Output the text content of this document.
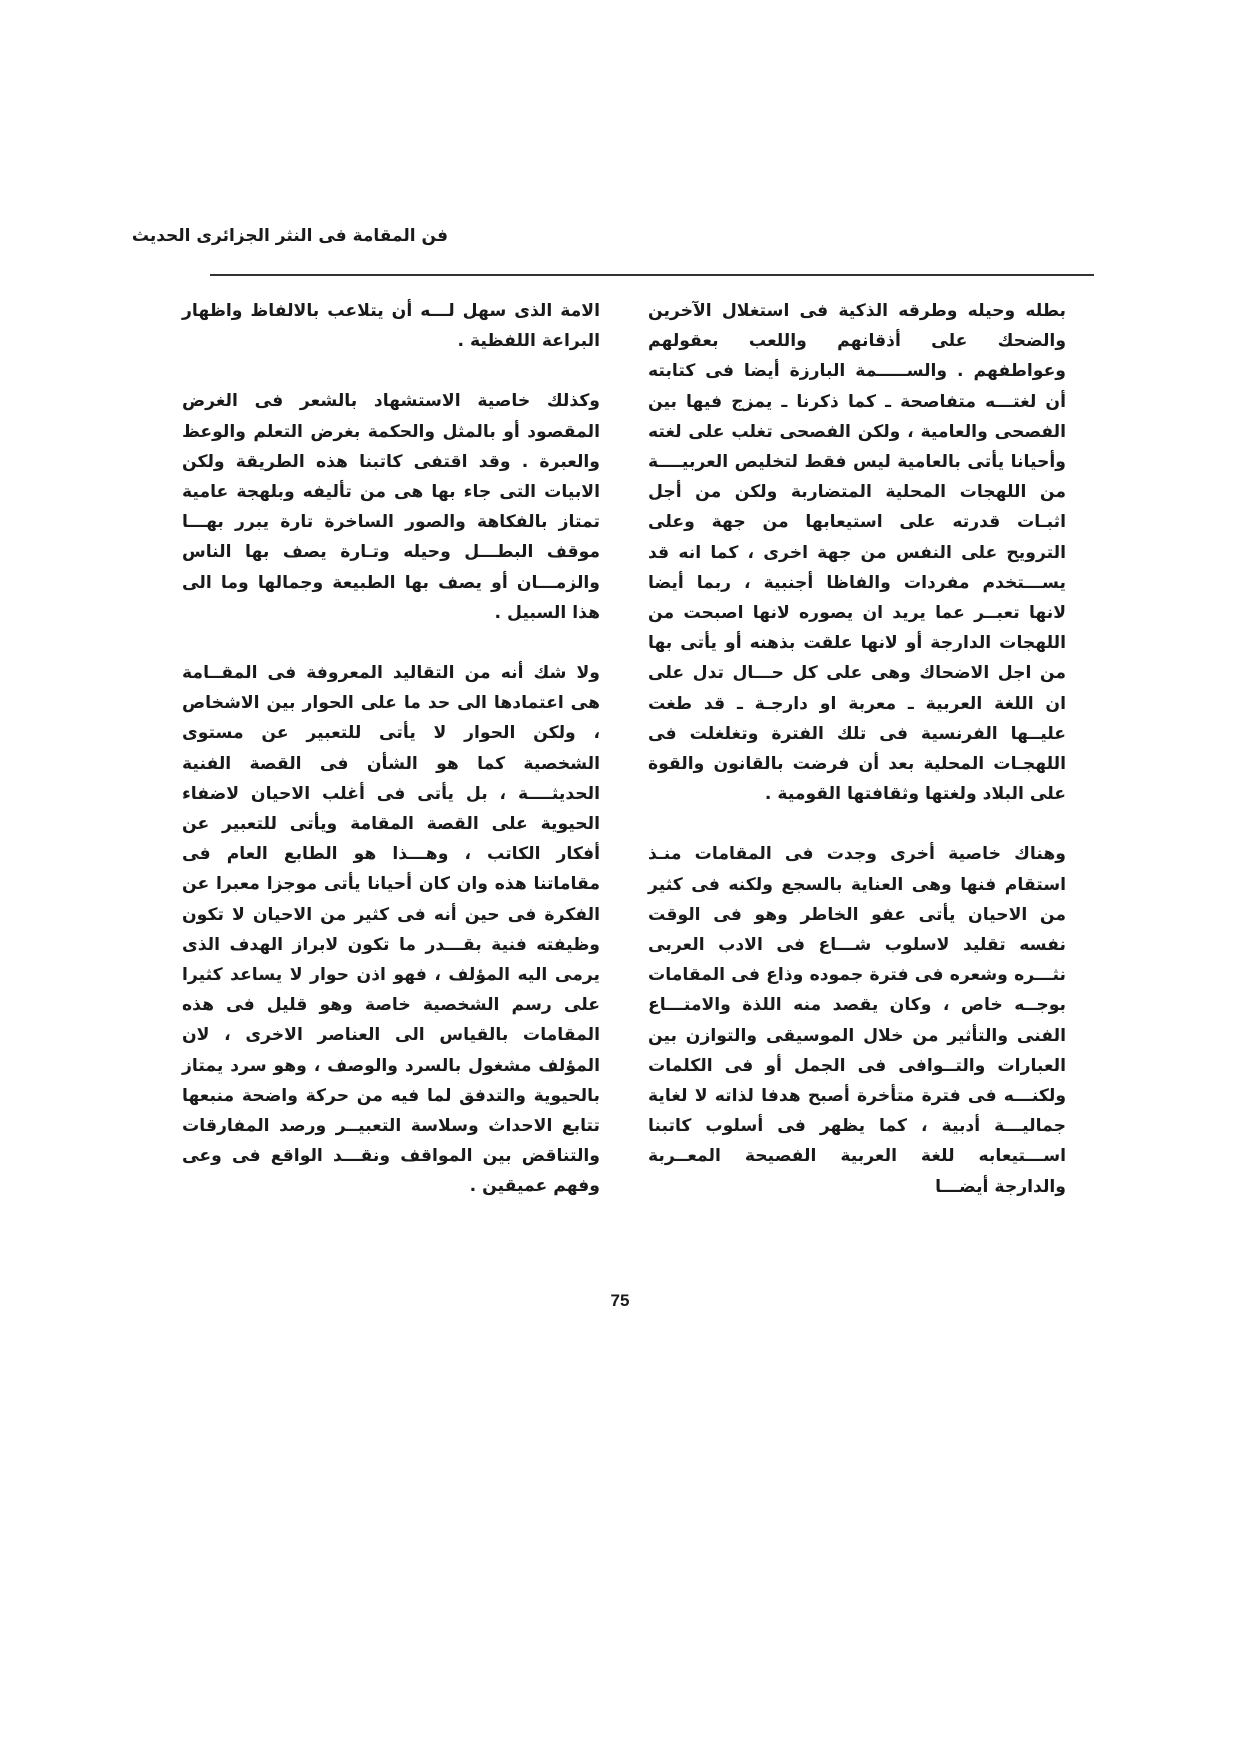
فن المقامة فى النثر الجزائرى الحديث

بطله وحيله وطرقه الذكية فى استغلال الآخرين والضحك على أذقانهم واللعب بعقولهم وعواطفهم . والســـــمة البارزة أيضا فى كتابته أن لغتـــه متفاصحة ـ كما ذكرنا ـ يمزج فيها بين الفصحى والعامية ، ولكن الفصحى تغلب على لغته وأحيانا يأتى بالعامية ليس فقط لتخليص العربيــــة من اللهجات المحلية المتضاربة ولكن من أجل اثبـات قدرته على استيعابها من جهة وعلى الترويح على النفس من جهة اخرى ، كما انه قد يســـتخدم مفردات والفاظا أجنبية ، ربما أيضا لانها تعبــر عما يريد ان يصوره لانها اصبحت من اللهجات الدارجة أو لانها علقت بذهنه أو يأتى بها من اجل الاضحاك وهى على كل حـــال تدل على ان اللغة العربية ـ معربة او دارجـة ـ قد طغت عليــها الفرنسية فى تلك الفترة وتغلغلت فى اللهجـات المحلية بعد أن فرضت بالقانون والقوة على البلاد ولغتها وثقافتها القومية .

وهناك خاصية أخرى وجدت فى المقامات منـذ استقام فنها وهى العناية بالسجع ولكنه فى كثير من الاحيان يأتى عفو الخاطر وهو فى الوقت نفسه تقليد لاسلوب شـــاع فى الادب العربى نثـــره وشعره فى فترة جموده وذاع فى المقامات بوجــه خاص ، وكان يقصد منه اللذة والامتـــاع الفنى والتأثير من خلال الموسيقى والتوازن بين العبارات والتــوافى فى الجمل أو فى الكلمات ولكنـــه فى فترة متأخرة أصبح هدفا لذاته لا لغاية جماليـــة أدبية ، كما يظهر فى أسلوب كاتبنا اســـتيعابه للغة العربية الفصيحة المعــربة والدارجة أيضـــا

الامة الذى سهل لـــه أن يتلاعب بالالفاظ واظهار البراعة اللفظية .

وكذلك خاصية الاستشهاد بالشعر فى الغرض المقصود أو بالمثل والحكمة بغرض التعلم والوعظ والعبرة . وقد اقتفى كاتبنا هذه الطريقة ولكن الابيات التى جاء بها هى من تأليفه وبلهجة عامية تمتاز بالفكاهة والصور الساخرة تارة يبرر بهـــا موقف البطـــل وحيله وتـارة يصف بها الناس والزمـــان أو يصف بها الطبيعة وجمالها وما الى هذا السبيل .

ولا شك أنه من التقاليد المعروفة فى المقــامة هى اعتمادها الى حد ما على الحوار بين الاشخاص ، ولكن الحوار لا يأتى للتعبير عن مستوى الشخصية كما هو الشأن فى القصة الفنية الحديثــــة ، بل يأتى فى أغلب الاحيان لاضفاء الحيوية على القصة المقامة ويأتى للتعبير عن أفكار الكاتب ، وهـــذا هو الطابع العام فى مقاماتنا هذه وان كان أحيانا يأتى موجزا معبرا عن الفكرة فى حين أنه فى كثير من الاحيان لا تكون وظيفته فنية بقـــدر ما تكون لابراز الهدف الذى يرمى اليه المؤلف ، فهو اذن حوار لا يساعد كثيرا على رسم الشخصية خاصة وهو قليل فى هذه المقامات بالقياس الى العناصر الاخرى ، لان المؤلف مشغول بالسرد والوصف ، وهو سرد يمتاز بالحيوية والتدفق لما فيه من حركة واضحة منبعها تتابع الاحداث وسلاسة التعبيــر ورصد المفارقات والتناقض بين المواقف ونقـــد الواقع فى وعى وفهم عميقين .

75
